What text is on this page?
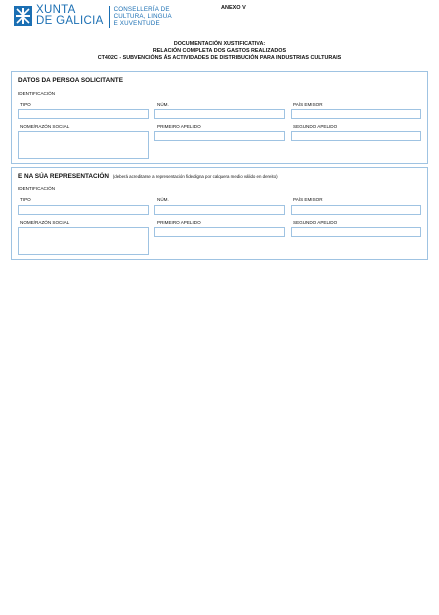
XUNTA
DE GALICIA
CONSELLERÍA DE
CULTURA, LINGUA
E XUVENTUDE
ANEXO V
DOCUMENTACIÓN XUSTIFICATIVA:
RELACIÓN COMPLETA DOS GASTOS REALIZADOS
CT402C - SUBVENCIÓNS ÁS ACTIVIDADES DE DISTRIBUCIÓN PARA INDUSTRIAS CULTURAIS
DATOS DA PERSOA SOLICITANTE
IDENTIFICACIÓN
TIPO	NÚM.	PAÍS EMISOR
NOME/RAZÓN SOCIAL	PRIMEIRO APELIDO	SEGUNDO APELIDO
E NA SÚA REPRESENTACIÓN (deberá acreditarse a representación fidedigna por calquera medio válido en dereito)
IDENTIFICACIÓN
TIPO	NÚM.	PAÍS EMISOR
NOME/RAZÓN SOCIAL	PRIMEIRO APELIDO	SEGUNDO APELIDO
